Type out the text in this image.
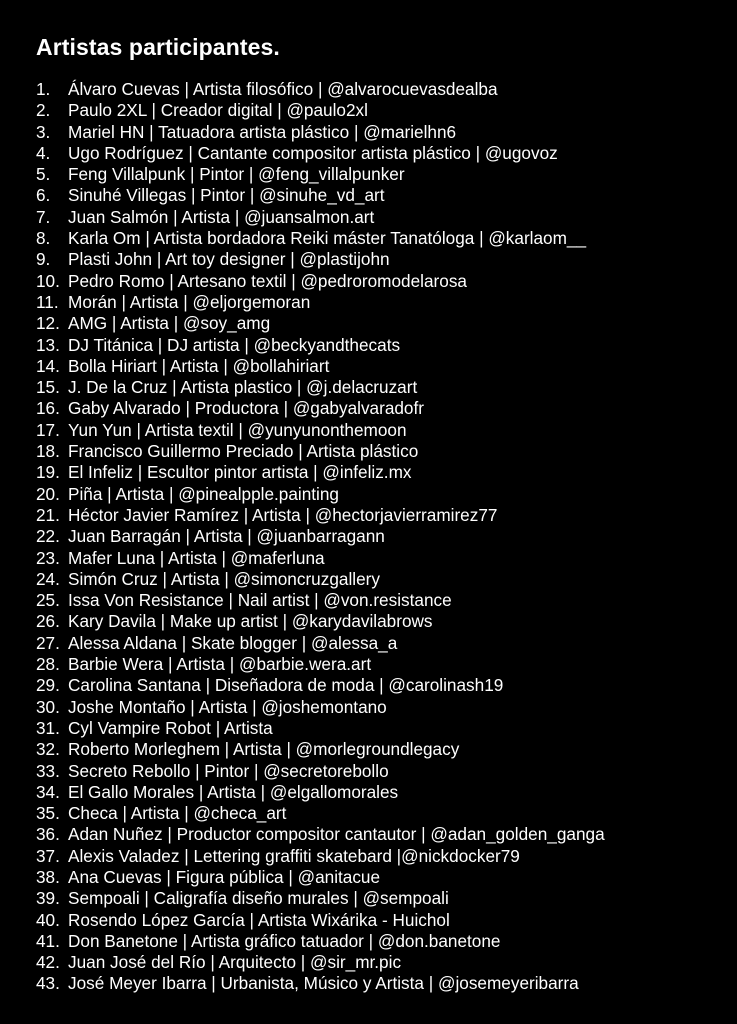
Artistas participantes.
1.	Álvaro Cuevas | Artista filosófico | @alvarocuevasdealba
2.	Paulo 2XL | Creador digital | @paulo2xl
3.	Mariel HN | Tatuadora artista plástico | @marielhn6
4.	Ugo Rodríguez | Cantante compositor artista plástico | @ugovoz
5.	Feng Villalpunk | Pintor | @feng_villalpunker
6.	Sinuhé Villegas | Pintor | @sinuhe_vd_art
7.	Juan Salmón | Artista | @juansalmon.art
8.	Karla Om | Artista bordadora Reiki máster Tanatóloga | @karlaom__
9.	Plasti John | Art toy designer | @plastijohn
10. Pedro Romo | Artesano textil | @pedroromodelarosa
11. Morán | Artista | @eljorgemoran
12. AMG | Artista | @soy_amg
13. DJ Titánica | DJ artista | @beckyandthecats
14. Bolla Hiriart | Artista | @bollahiriart
15. J. De la Cruz | Artista plastico | @j.delacruzart
16. Gaby Alvarado | Productora | @gabyalvaradofr
17. Yun Yun | Artista textil | @yunyunonthemoon
18. Francisco Guillermo Preciado | Artista plástico
19. El Infeliz | Escultor pintor artista | @infeliz.mx
20. Piña | Artista | @pinealpple.painting
21. Héctor Javier Ramírez | Artista | @hectorjavierramirez77
22. Juan Barragán | Artista | @juanbarragann
23. Mafer Luna | Artista | @maferluna
24. Simón Cruz | Artista | @simoncruzgallery
25. Issa Von Resistance | Nail artist | @von.resistance
26. Kary Davila | Make up artist | @karydavilabrows
27. Alessa Aldana | Skate blogger | @alessa_a
28. Barbie Wera | Artista | @barbie.wera.art
29. Carolina Santana | Diseñadora de moda | @carolinash19
30. Joshe Montaño | Artista | @joshemontano
31. Cyl Vampire Robot | Artista
32. Roberto Morleghem | Artista | @morlegroundlegacy
33. Secreto Rebollo | Pintor | @secretorebollo
34. El Gallo Morales | Artista | @elgallomorales
35. Checa | Artista | @checa_art
36. Adan Nuñez | Productor compositor cantautor | @adan_golden_ganga
37. Alexis Valadez | Lettering graffiti skatebard |@nickdocker79
38. Ana Cuevas | Figura pública | @anitacue
39. Sempoali | Caligrafía diseño murales | @sempoali
40. Rosendo López García | Artista Wixárika - Huichol
41. Don Banetone | Artista gráfico tatuador | @don.banetone
42. Juan José del Río | Arquitecto | @sir_mr.pic
43. José Meyer Ibarra | Urbanista, Músico y Artista | @josemeyeribarra
